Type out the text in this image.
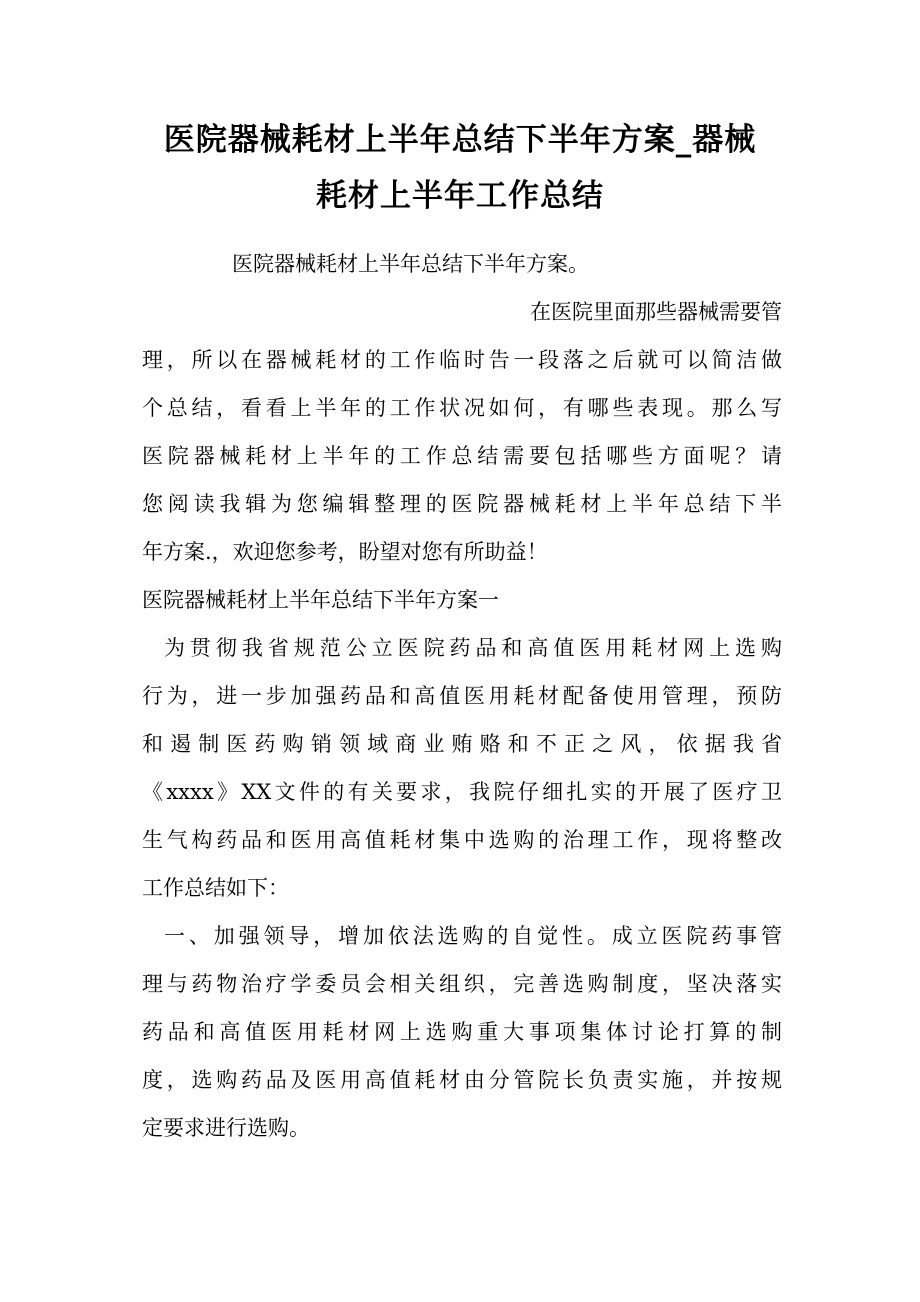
医院器械耗材上半年总结下半年方案_器械
耗材上半年工作总结
医院器械耗材上半年总结下半年方案。
在医院里面那些器械需要管
理，所以在器械耗材的工作临时告一段落之后就可以简洁做
个总结，看看上半年的工作状况如何，有哪些表现。那么写
医院器械耗材上半年的工作总结需要包括哪些方面呢？请
您阅读我辑为您编辑整理的医院器械耗材上半年总结下半
年方案.，欢迎您参考，盼望对您有所助益！
医院器械耗材上半年总结下半年方案一
为贯彻我省规范公立医院药品和高值医用耗材网上选购
行为，进一步加强药品和高值医用耗材配备使用管理，预防
和遏制医药购销领域商业贿赂和不正之风，依据我省
《xxxx》XX文件的有关要求，我院仔细扎实的开展了医疗卫
生气构药品和医用高值耗材集中选购的治理工作，现将整改
工作总结如下：
一、加强领导，增加依法选购的自觉性。成立医院药事管
理与药物治疗学委员会相关组织，完善选购制度，坚决落实
药品和高值医用耗材网上选购重大事项集体讨论打算的制
度，选购药品及医用高值耗材由分管院长负责实施，并按规
定要求进行选购。
